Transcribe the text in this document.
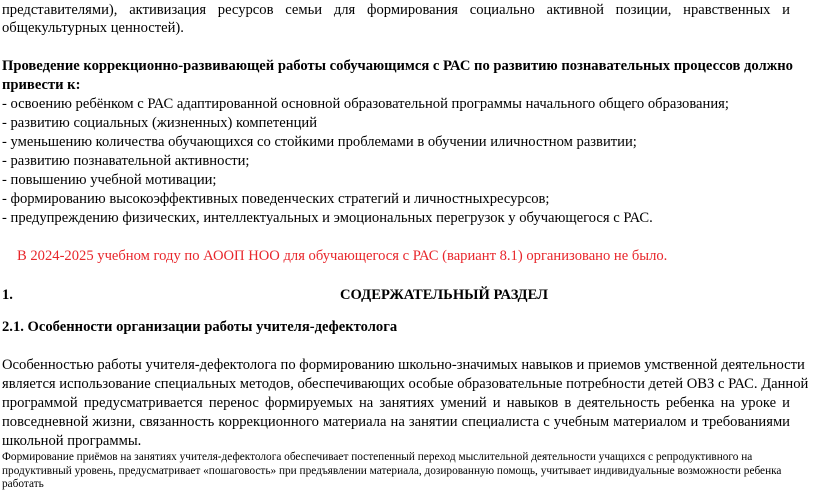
представителями), активизация ресурсов семьи для формирования социально активной позиции, нравственных и
общекультурных ценностей).
Проведение коррекционно-развивающей работы собучающимся с РАС по развитию познавательных процессов должно
привести к:
- освоению ребёнком с РАС адаптированной основной образовательной программы начального общего образования;
- развитию социальных (жизненных) компетенций
- уменьшению количества обучающихся со стойкими проблемами в обучении иличностном развитии;
- развитию познавательной активности;
- повышению учебной мотивации;
- формированию высокоэффективных поведенческих стратегий и личностныхресурсов;
- предупреждению физических, интеллектуальных и эмоциональных перегрузок у обучающегося с РАС.
В 2024-2025 учебном году по АООП НОО для обучающегося с РАС (вариант 8.1) организовано не было.
1.	СОДЕРЖАТЕЛЬНЫЙ РАЗДЕЛ
2.1. Особенности организации работы учителя-дефектолога
Особенностью работы учителя-дефектолога по формированию школьно-значимых навыков и приемов умственной деятельности
является использование специальных методов, обеспечивающих особые образовательные потребности детей ОВЗ с РАС. Данной
программой предусматривается перенос формируемых на занятиях умений и навыков в деятельность ребенка на уроке и
повседневной жизни, связанность коррекционного материала на занятии специалиста с учебным материалом и требованиями
школьной программы.
Формирование приёмов на занятиях учителя-дефектолога обеспечивает постепенный переход мыслительной деятельности учащихся с репродуктивного на
продуктивный уровень, предусматривает «пошаговость» при предъявлении материала, дозированную помощь, учитывает индивидуальные возможности ребенка
работать
